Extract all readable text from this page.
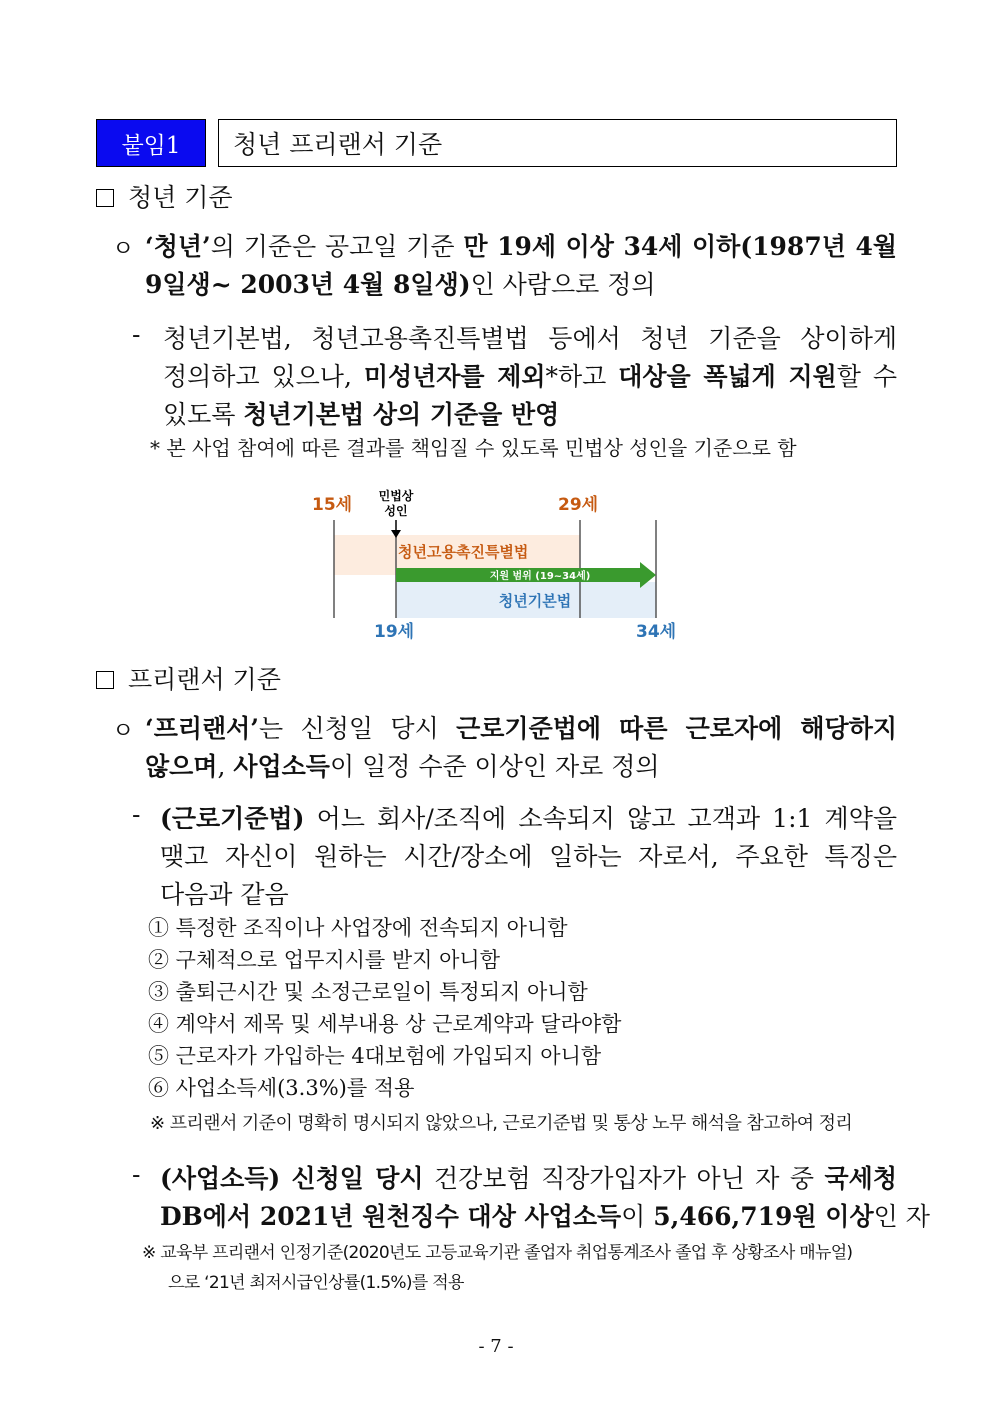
붙임1	청년 프리랜서 기준
청년 기준
ㅇ ‘청년’의 기준은 공고일 기준 만 19세 이상 34세 이하(1987년 4월
9일생~ 2003년 4월 8일생)인 사람으로 정의
- 청년기본법, 청년고용촉진특별법 등에서 청년 기준을 상이하게
정의하고 있으나, 미성년자를 제외*하고 대상을 폭넓게 지원할 수
있도록 청년기본법 상의 기준을 반영
* 본 사업 참여에 따른 결과를 책임질 수 있도록 민법상 성인을 기준으로 함
15세 민법상
성인	29세
청년고용촉진특별법
지원 범위 (19~34세)
청년기본법
19세	34세
프리랜서 기준
ㅇ ‘프리랜서’는 신청일 당시 근로기준법에 따른 근로자에 해당하지
않으며, 사업소득이 일정 수준 이상인 자로 정의
- (근로기준법) 어느 회사/조직에 소속되지 않고 고객과 1:1 계약을
맺고 자신이 원하는 시간/장소에 일하는 자로서, 주요한 특징은
다음과 같음
① 특정한 조직이나 사업장에 전속되지 아니함
② 구체적으로 업무지시를 받지 아니함
③ 출퇴근시간 및 소정근로일이 특정되지 아니함
④ 계약서 제목 및 세부내용 상 근로계약과 달라야함
⑤ 근로자가 가입하는 4대보험에 가입되지 아니함
⑥ 사업소득세(3.3%)를 적용
※ 프리랜서 기준이 명확히 명시되지 않았으나, 근로기준법 및 통상 노무 해석을 참고하여 정리
- (사업소득) 신청일 당시 건강보험 직장가입자가 아닌 자 중 국세청
DB에서 2021년 원천징수 대상 사업소득이 5,466,719원 이상인 자
※ 교육부 프리랜서 인정기준(2020년도 고등교육기관 졸업자 취업통계조사 졸업 후 상황조사 매뉴얼)
으로 ‘21년 최저시급인상률(1.5%)를 적용
- 7 -
